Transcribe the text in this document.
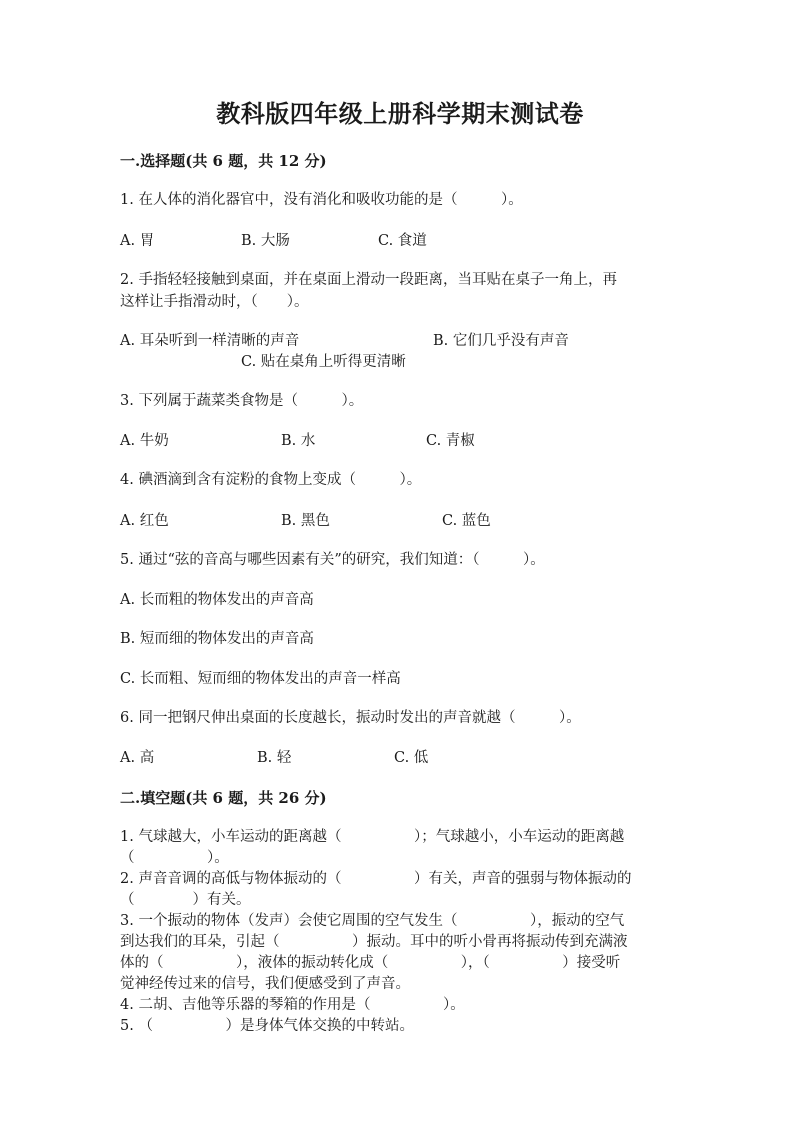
教科版四年级上册科学期末测试卷
一.选择题(共 6 题，共 12 分)
1. 在人体的消化器官中，没有消化和吸收功能的是（　　　）。
A. 胃	B. 大肠	C. 食道
2. 手指轻轻接触到桌面，并在桌面上滑动一段距离，当耳贴在桌子一角上，再
这样让手指滑动时，（　　）。
A. 耳朵听到一样清晰的声音	B. 它们几乎没有声音
C. 贴在桌角上听得更清晰
3. 下列属于蔬菜类食物是（　　　）。
A. 牛奶	B. 水	C. 青椒
4. 碘酒滴到含有淀粉的食物上变成（　　　）。
A. 红色	B. 黑色	C. 蓝色
5. 通过“弦的音高与哪些因素有关”的研究，我们知道：（　　　）。
A. 长而粗的物体发出的声音高
B. 短而细的物体发出的声音高
C. 长而粗、短而细的物体发出的声音一样高
6. 同一把钢尺伸出桌面的长度越长，振动时发出的声音就越（　　　）。
A. 高	B. 轻	C. 低
二.填空题(共 6 题，共 26 分)
1. 气球越大，小车运动的距离越（　　　　　）；气球越小，小车运动的距离越
（　　　　　）。
2. 声音音调的高低与物体振动的（　　　　　）有关，声音的强弱与物体振动的
（　　　　）有关。
3. 一个振动的物体（发声）会使它周围的空气发生（　　　　　），振动的空气
到达我们的耳朵，引起（　　　　　）振动。耳中的听小骨再将振动传到充满液
体的（　　　　　），液体的振动转化成（　　　　　），（　　　　　）接受听
觉神经传过来的信号，我们便感受到了声音。
4. 二胡、吉他等乐器的琴箱的作用是（　　　　　）。
5. （　　　　　）是身体气体交换的中转站。
